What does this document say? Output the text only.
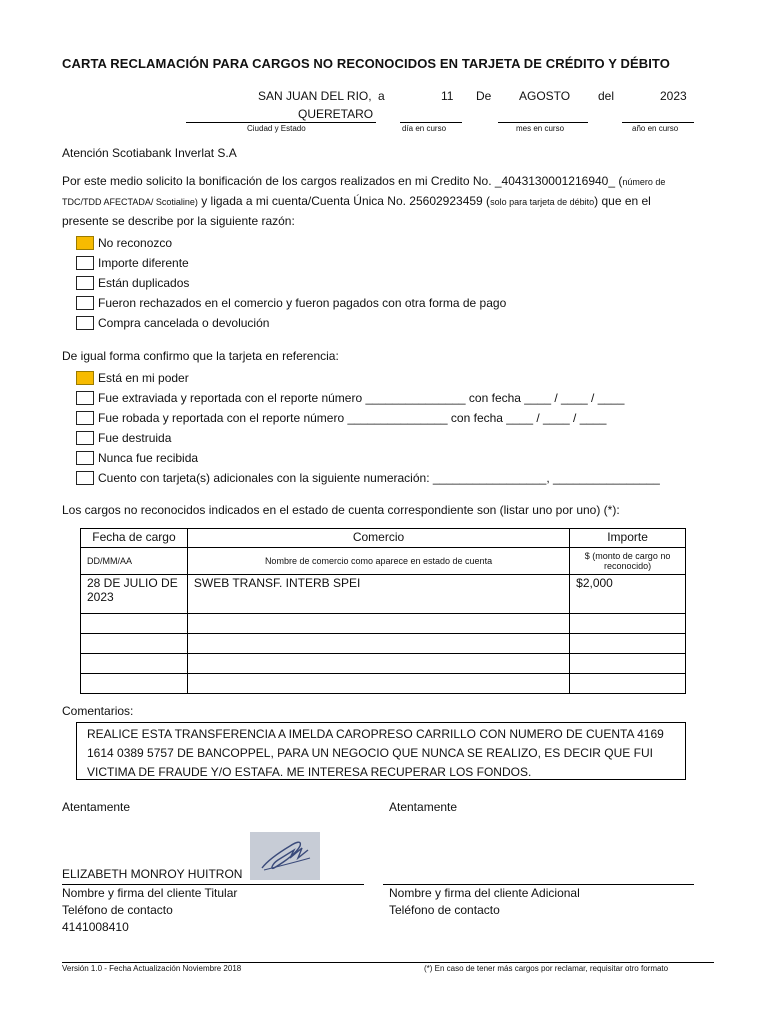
CARTA RECLAMACIÓN PARA CARGOS NO RECONOCIDOS EN TARJETA DE CRÉDITO Y DÉBITO
SAN JUAN DEL RIO,
QUERETARO
a	11 De AGOSTO del	2023
Ciudad y Estado	día en curso	mes en curso	año en curso
Atención Scotiabank Inverlat S.A
Por este medio solicito la bonificación de los cargos realizados en mi Credito No. _4043130001216940_ (número de
TDC/TDD AFECTADA/ Scotialine) y ligada a mi cuenta/Cuenta Única No. 25602923459 (solo para tarjeta de débito) que en el
presente se describe por la siguiente razón:
No reconozco
Importe diferente
Están duplicados
Fueron rechazados en el comercio y fueron pagados con otra forma de pago
Compra cancelada o devolución
De igual forma confirmo que la tarjeta en referencia:
Está en mi poder
Fue extraviada y reportada con el reporte número _______________ con fecha ____ / ____ / ____
Fue robada y reportada con el reporte número _______________ con fecha ____ / ____ / ____
Fue destruida
Nunca fue recibida
Cuento con tarjeta(s) adicionales con la siguiente numeración: _________________, ________________
Los cargos no reconocidos indicados en el estado de cuenta correspondiente son (listar uno por uno) (*):
Fecha de cargo	Comercio	Importe
DD/MM/AA	Nombre de comercio como aparece en estado de cuenta	$ (monto de cargo no reconocido)
28 DE JULIO DE 2023	SWEB TRANSF. INTERB SPEI	$2,000

Comentarios:
REALICE ESTA TRANSFERENCIA A IMELDA CAROPRESO CARRILLO CON NUMERO DE CUENTA 4169 1614 0389 5757 DE BANCOPPEL, PARA UN NEGOCIO QUE NUNCA SE REALIZO, ES DECIR QUE FUI VICTIMA DE FRAUDE Y/O ESTAFA. ME INTERESA RECUPERAR LOS FONDOS.
Atentamente	Atentamente
ELIZABETH MONROY HUITRON
Nombre y firma del cliente Titular	Nombre y firma del cliente Adicional
Teléfono de contacto	Teléfono de contacto
4141008410
Versión 1.0 - Fecha Actualización Noviembre 2018	(*) En caso de tener más cargos por reclamar, requisitar otro formato
